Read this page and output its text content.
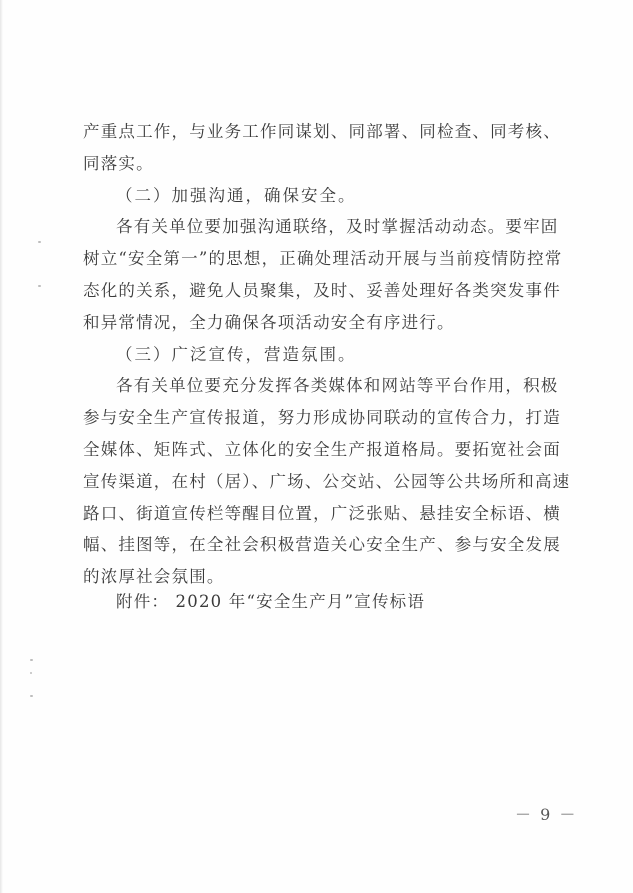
产重点工作，与业务工作同谋划、同部署、同检查、同考核、
同落实。
（二）加强沟通，确保安全。
各有关单位要加强沟通联络，及时掌握活动动态。要牢固
树立“安全第一”的思想，正确处理活动开展与当前疫情防控常
态化的关系，避免人员聚集，及时、妥善处理好各类突发事件
和异常情况，全力确保各项活动安全有序进行。
（三）广泛宣传，营造氛围。
各有关单位要充分发挥各类媒体和网站等平台作用，积极
参与安全生产宣传报道，努力形成协同联动的宣传合力，打造
全媒体、矩阵式、立体化的安全生产报道格局。要拓宽社会面
宣传渠道，在村（居）、广场、公交站、公园等公共场所和高速
路口、街道宣传栏等醒目位置，广泛张贴、悬挂安全标语、横
幅、挂图等，在全社会积极营造关心安全生产、参与安全发展
的浓厚社会氛围。
附件： 2020 年“安全生产月”宣传标语
－ 9 －
